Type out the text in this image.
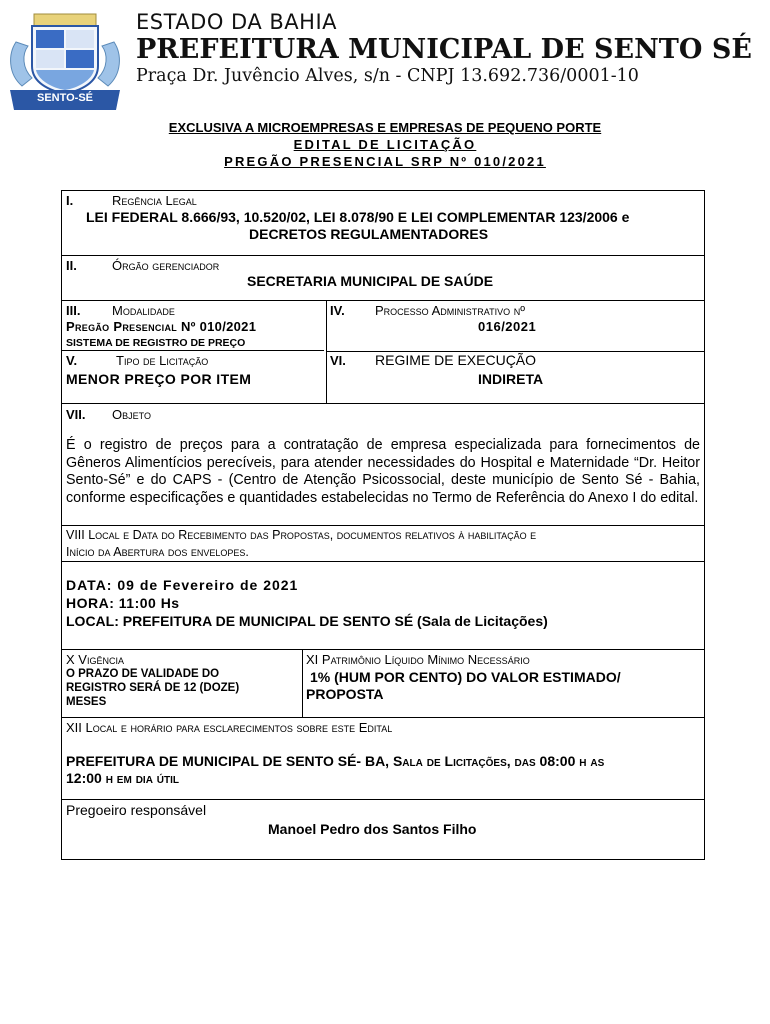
SENTO-SÉ
ESTADO DA BAHIA
PREFEITURA MUNICIPAL DE SENTO SÉ
Praça Dr. Juvêncio Alves, s/n - CNPJ 13.692.736/0001-10
EXCLUSIVA A MICROEMPRESAS E EMPRESAS DE PEQUENO PORTE
EDITAL DE LICITAÇÃO
PREGÃO PRESENCIAL SRP Nº 010/2021
I.	Regência Legal
LEI FEDERAL 8.666/93, 10.520/02, LEI 8.078/90 E LEI COMPLEMENTAR 123/2006 e
DECRETOS REGULAMENTADORES
II.	Órgão gerenciador
SECRETARIA MUNICIPAL DE SAÚDE
III. Modalidade
Pregão Presencial Nº 010/2021
SISTEMA DE REGISTRO DE PREÇO
IV. Processo Administrativo nº
016/2021
V.	Tipo de Licitação
MENOR PREÇO POR ITEM
VI. REGIME DE EXECUÇÃO
INDIRETA
VII. Objeto
É o registro de preços para a contratação de empresa especializada para fornecimentos de Gêneros Alimentícios perecíveis, para atender necessidades do Hospital e Maternidade “Dr. Heitor Sento-Sé” e do CAPS - (Centro de Atenção Psicossocial, deste município de Sento Sé - Bahia, conforme especificações e quantidades estabelecidas no Termo de Referência do Anexo I do edital.
VIII Local e Data do Recebimento das Propostas, documentos relativos à habilitação e
Início da Abertura dos envelopes.
DATA: 09 de Fevereiro de 2021
HORA: 11:00 Hs
LOCAL: PREFEITURA DE MUNICIPAL DE SENTO SÉ (Sala de Licitações)
X Vigência
O PRAZO DE VALIDADE DO
REGISTRO SERÁ DE 12 (DOZE)
MESES
XI Patrimônio Líquido Mínimo Necessário
1% (HUM POR CENTO) DO VALOR ESTIMADO/
PROPOSTA
XII Local e horário para esclarecimentos sobre este Edital
PREFEITURA DE MUNICIPAL DE SENTO SÉ- BA, Sala de Licitações, das 08:00 h as
12:00 h em dia útil
Pregoeiro responsável
Manoel Pedro dos Santos Filho
